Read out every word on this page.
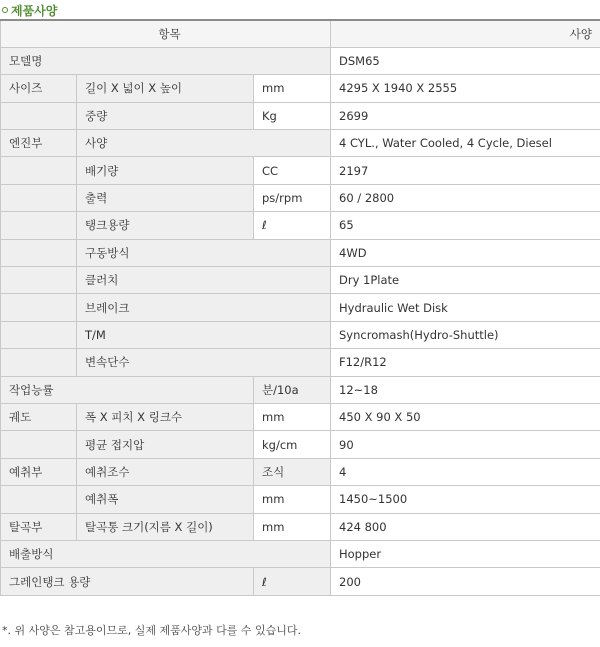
제품사양
항목			사양
모델명			DSM65
사이즈	길이 X 넓이 X 높이	mm	4295 X 1940 X 2555
	중량	Kg	2699
엔진부	사양		4 CYL., Water Cooled, 4 Cycle, Diesel
	배기량	CC	2197
	출력	ps/rpm	60 / 2800
	탱크용량	ℓ	65
	구동방식		4WD
	클러치		Dry 1Plate
	브레이크		Hydraulic Wet Disk
	T/M		Syncromash(Hydro-Shuttle)
	변속단수		F12/R12
작업능률		분/10a	12~18
궤도	폭 X 피치 X 링크수	mm	450 X 90 X 50
	평균 접지압	kg/cm	90
예취부	예취조수	조식	4
	예취폭	mm	1450~1500
탈곡부	탈곡통 크기(지름 X 길이)	mm	424 800
배출방식			Hopper
그레인탱크 용량		ℓ	200
*. 위 사양은 참고용이므로, 실제 제품사양과 다를 수 있습니다.
